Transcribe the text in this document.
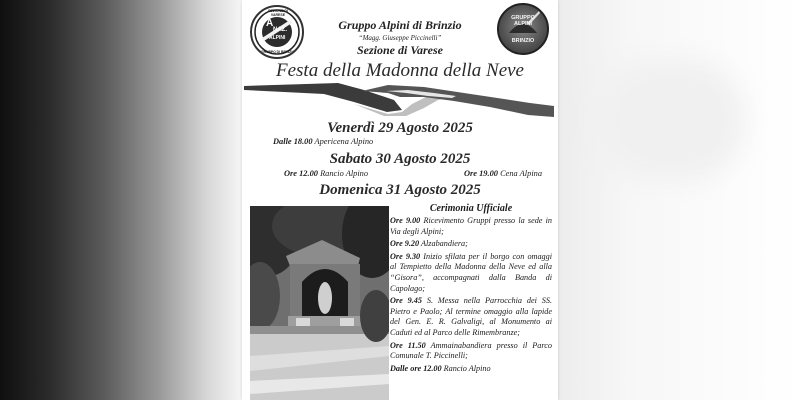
SEZIONE DI VARESE
A
NAZ.
ALPINI
GRUPPO DI BRINZIO
GRUPPO ALPINI
BRINZIO
Gruppo Alpini di Brinzio
“Magg. Giuseppe Piccinelli”
Sezione di Varese
Festa della Madonna della Neve
Venerdì 29 Agosto 2025
Dalle 18.00 Apericena Alpino
Sabato 30 Agosto 2025
Ore 12.00 Rancio Alpino	Ore 19.00 Cena Alpina
Domenica 31 Agosto 2025
Cerimonia Ufficiale
Ore 9.00 Ricevimento Gruppi presso la sede in Via degli Alpini;
Ore 9.20 Alzabandiera;
Ore 9.30 Inizio sfilata per il borgo con omaggi al Tempietto della Madonna della Neve ed alla “Gisora”, accompagnati dalla Banda di Capolago;
Ore 9.45 S. Messa nella Parrocchia dei SS. Pietro e Paolo; Al termine omaggio alla lapide del Gen. E. R. Galvaligi, al Monumento ai Caduti ed al Parco delle Rimembranze;
Ore 11.50 Ammainabandiera presso il Parco Comunale T. Piccinelli;
Dalle ore 12.00 Rancio Alpino
